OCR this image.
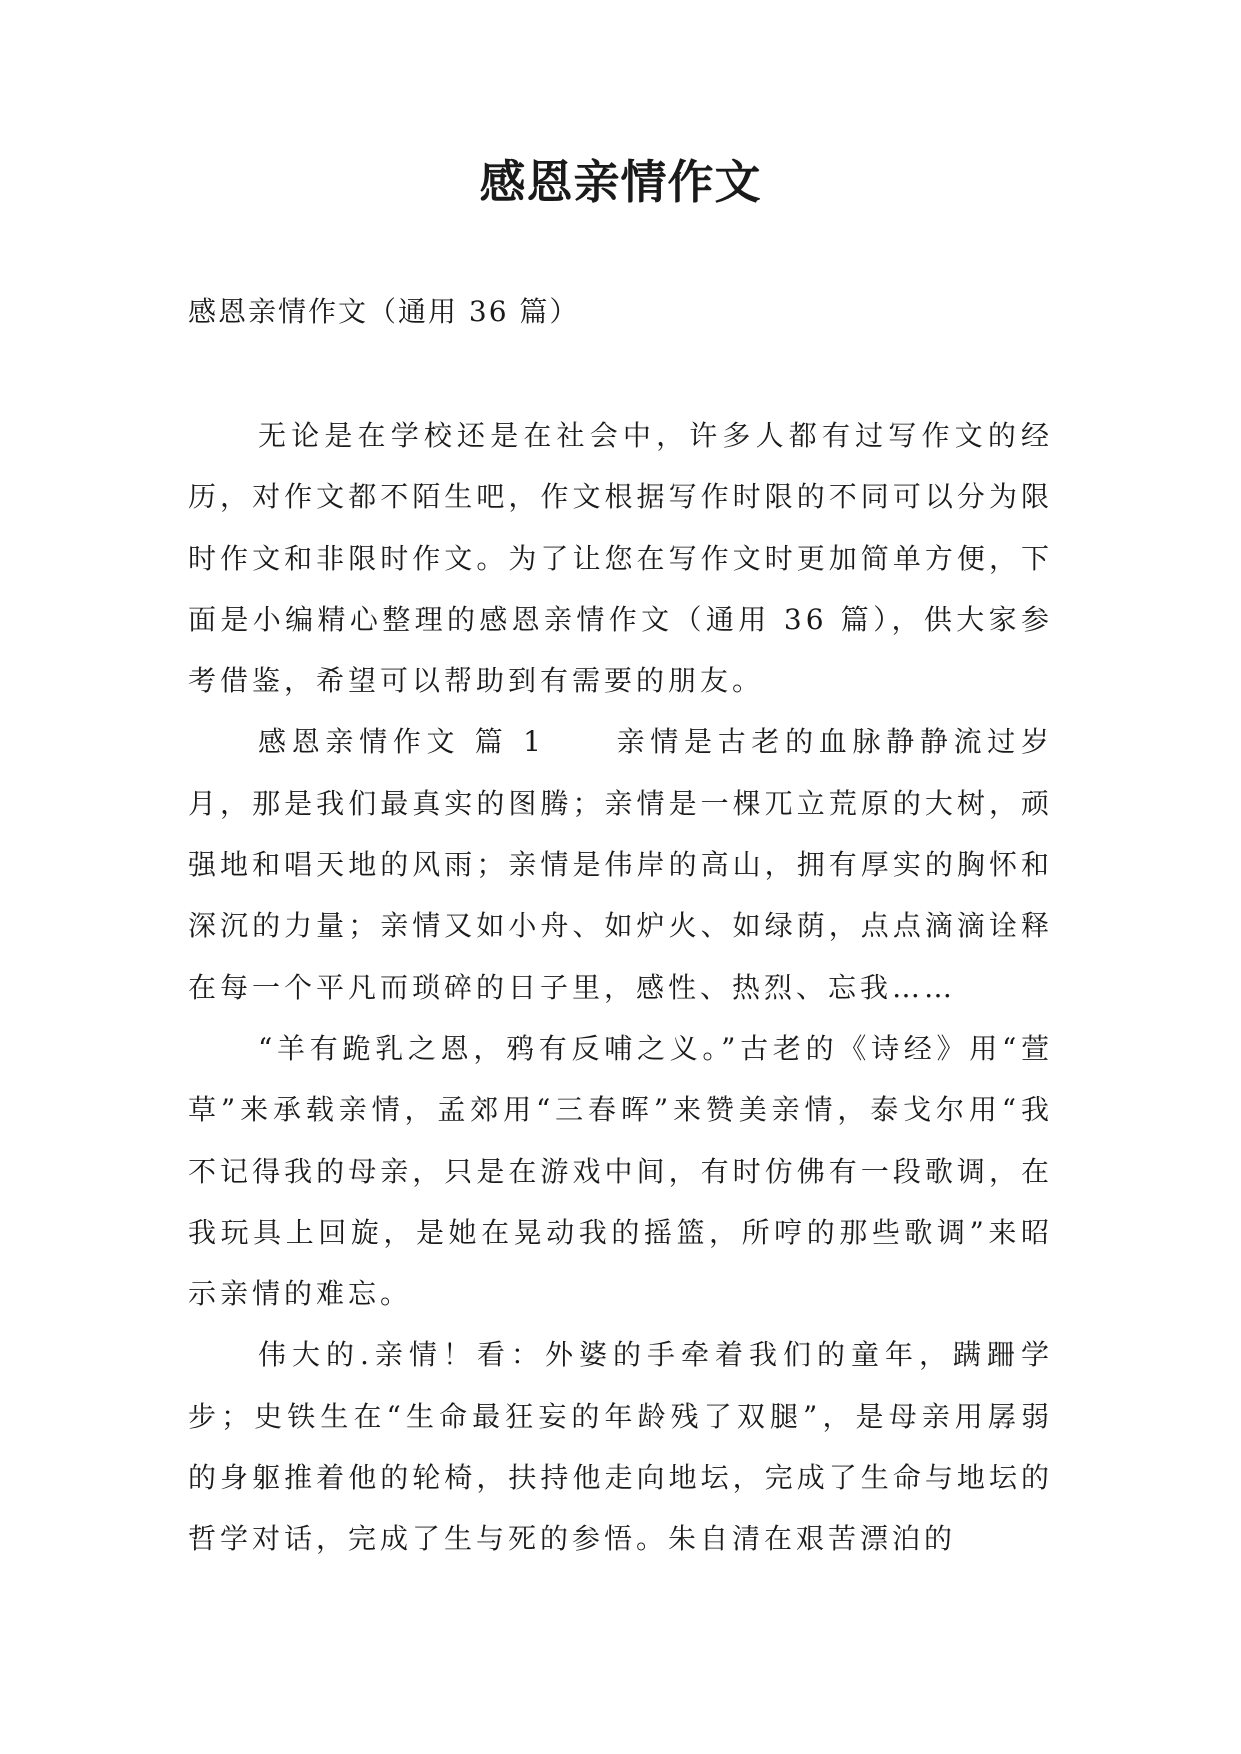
感恩亲情作文

感恩亲情作文（通用 36 篇）

无论是在学校还是在社会中，许多人都有过写作文的经历，对作文都不陌生吧，作文根据写作时限的不同可以分为限时作文和非限时作文。为了让您在写作文时更加简单方便，下面是小编精心整理的感恩亲情作文（通用 36 篇），供大家参考借鉴，希望可以帮助到有需要的朋友。

感恩亲情作文 篇 1	亲情是古老的血脉静静流过岁月，那是我们最真实的图腾；亲情是一棵兀立荒原的大树，顽强地和唱天地的风雨；亲情是伟岸的高山，拥有厚实的胸怀和深沉的力量；亲情又如小舟、如炉火、如绿荫，点点滴滴诠释在每一个平凡而琐碎的日子里，感性、热烈、忘我……

“羊有跪乳之恩，鸦有反哺之义。”古老的《诗经》用“萱草”来承载亲情，孟郊用“三春晖”来赞美亲情，泰戈尔用“我不记得我的母亲，只是在游戏中间，有时仿佛有一段歌调，在我玩具上回旋，是她在晃动我的摇篮，所哼的那些歌调”来昭示亲情的难忘。

伟大的.亲情！看：外婆的手牵着我们的童年，蹒跚学步；史铁生在“生命最狂妄的年龄残了双腿”，是母亲用孱弱的身躯推着他的轮椅，扶持他走向地坛，完成了生命与地坛的哲学对话，完成了生与死的参悟。朱自清在艰苦漂泊的
